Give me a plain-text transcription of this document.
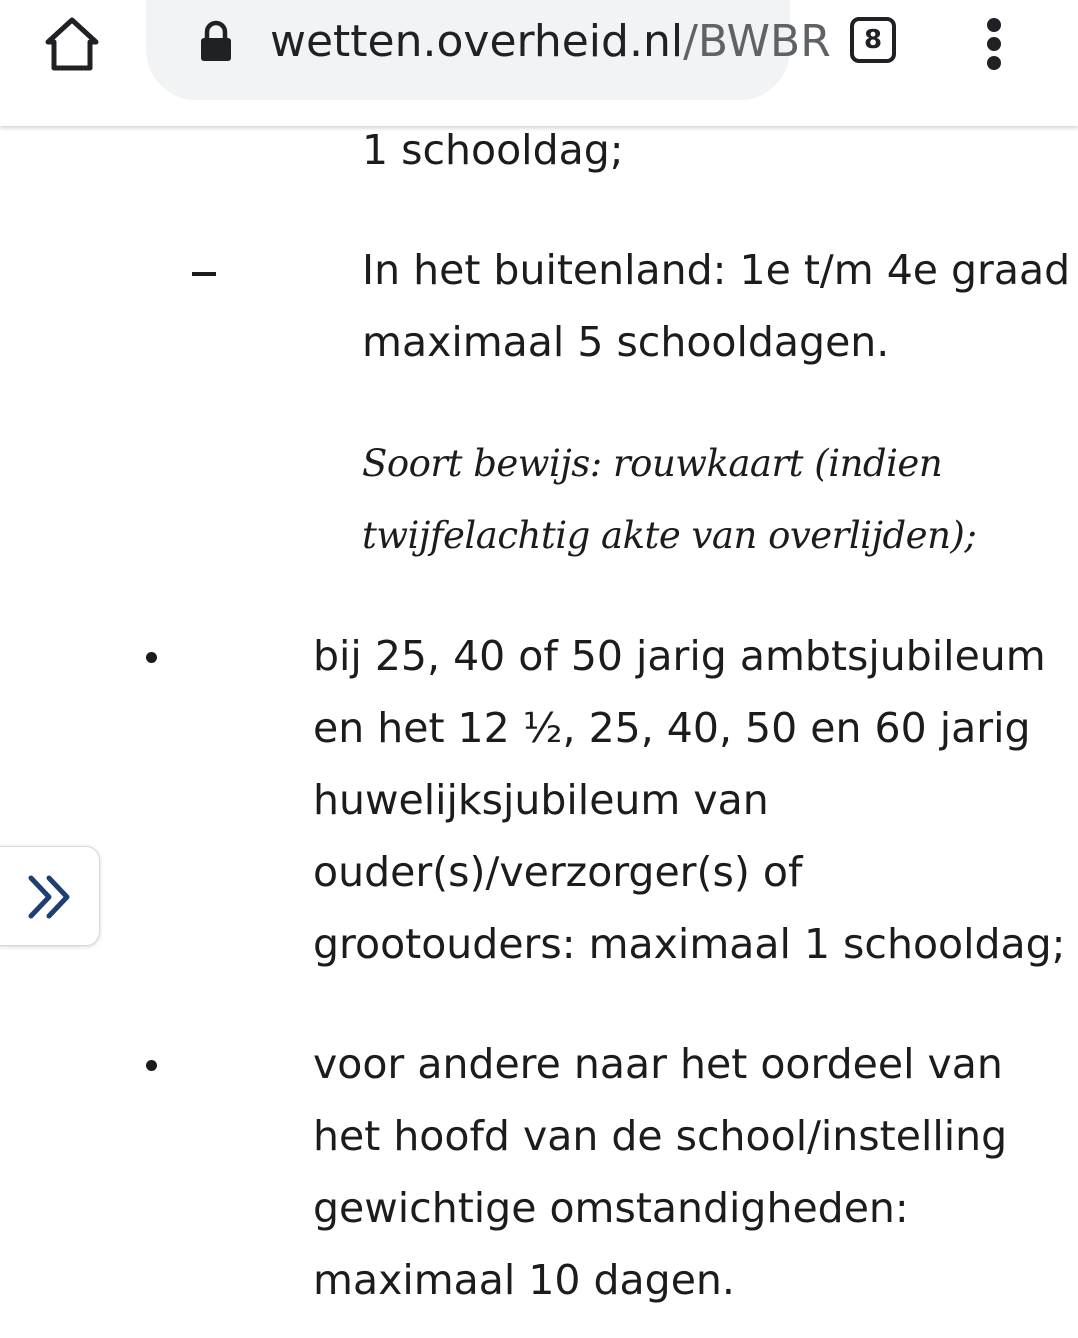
wetten.overheid.nl/BWBR	8
1 schooldag;
In het buitenland: 1e t/m 4e graad
maximaal 5 schooldagen.
Soort bewijs: rouwkaart (indien
twijfelachtig akte van overlijden);
bij 25, 40 of 50 jarig ambtsjubileum
en het 12 ½, 25, 40, 50 en 60 jarig
huwelijksjubileum van
ouder(s)/verzorger(s) of
grootouders: maximaal 1 schooldag;
voor andere naar het oordeel van
het hoofd van de school/instelling
gewichtige omstandigheden:
maximaal 10 dagen.
